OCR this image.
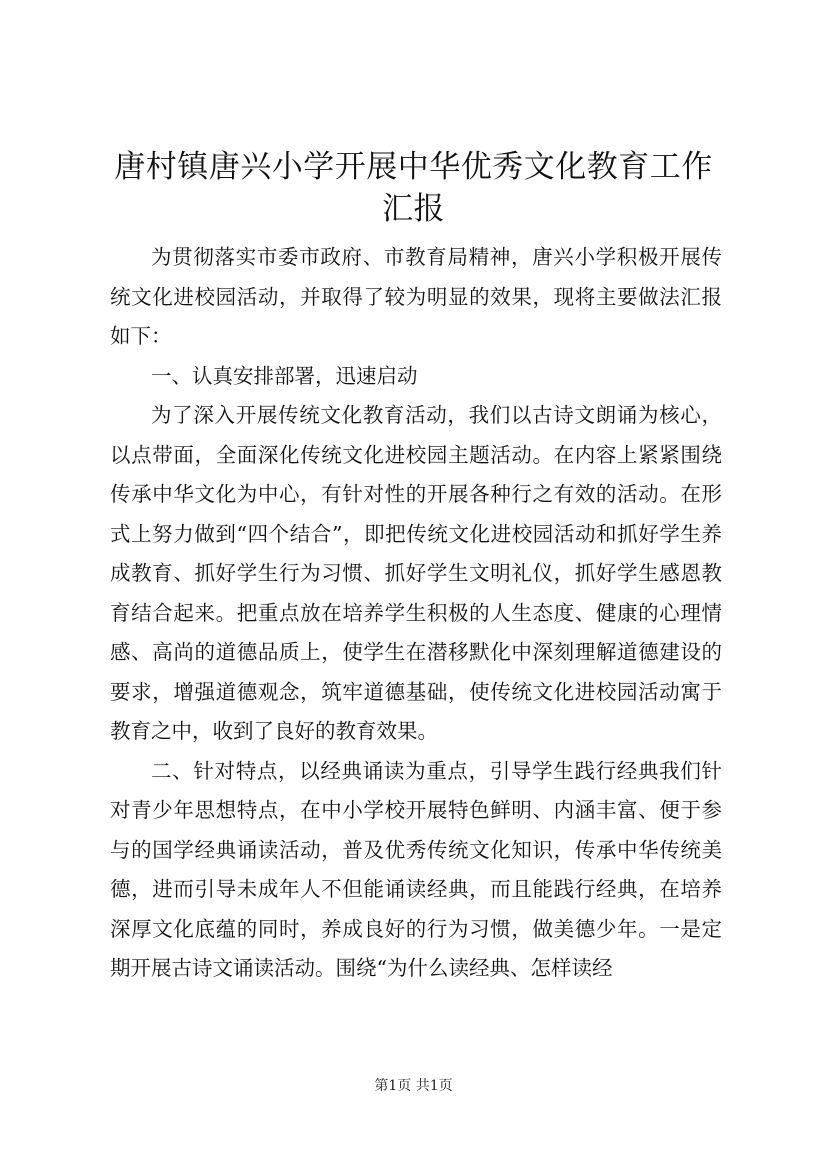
唐村镇唐兴小学开展中华优秀文化教育工作汇报

为贯彻落实市委市政府、市教育局精神，唐兴小学积极开展传统文化进校园活动，并取得了较为明显的效果，现将主要做法汇报如下：

一、认真安排部署，迅速启动

为了深入开展传统文化教育活动，我们以古诗文朗诵为核心，以点带面，全面深化传统文化进校园主题活动。在内容上紧紧围绕传承中华文化为中心，有针对性的开展各种行之有效的活动。在形式上努力做到“四个结合”，即把传统文化进校园活动和抓好学生养成教育、抓好学生行为习惯、抓好学生文明礼仪，抓好学生感恩教育结合起来。把重点放在培养学生积极的人生态度、健康的心理情感、高尚的道德品质上，使学生在潜移默化中深刻理解道德建设的要求，增强道德观念，筑牢道德基础，使传统文化进校园活动寓于教育之中，收到了良好的教育效果。

二、针对特点，以经典诵读为重点，引导学生践行经典我们针对青少年思想特点，在中小学校开展特色鲜明、内涵丰富、便于参与的国学经典诵读活动，普及优秀传统文化知识，传承中华传统美德，进而引导未成年人不但能诵读经典，而且能践行经典，在培养深厚文化底蕴的同时，养成良好的行为习惯，做美德少年。一是定期开展古诗文诵读活动。围绕“为什么读经典、怎样读经

第1页 共1页
